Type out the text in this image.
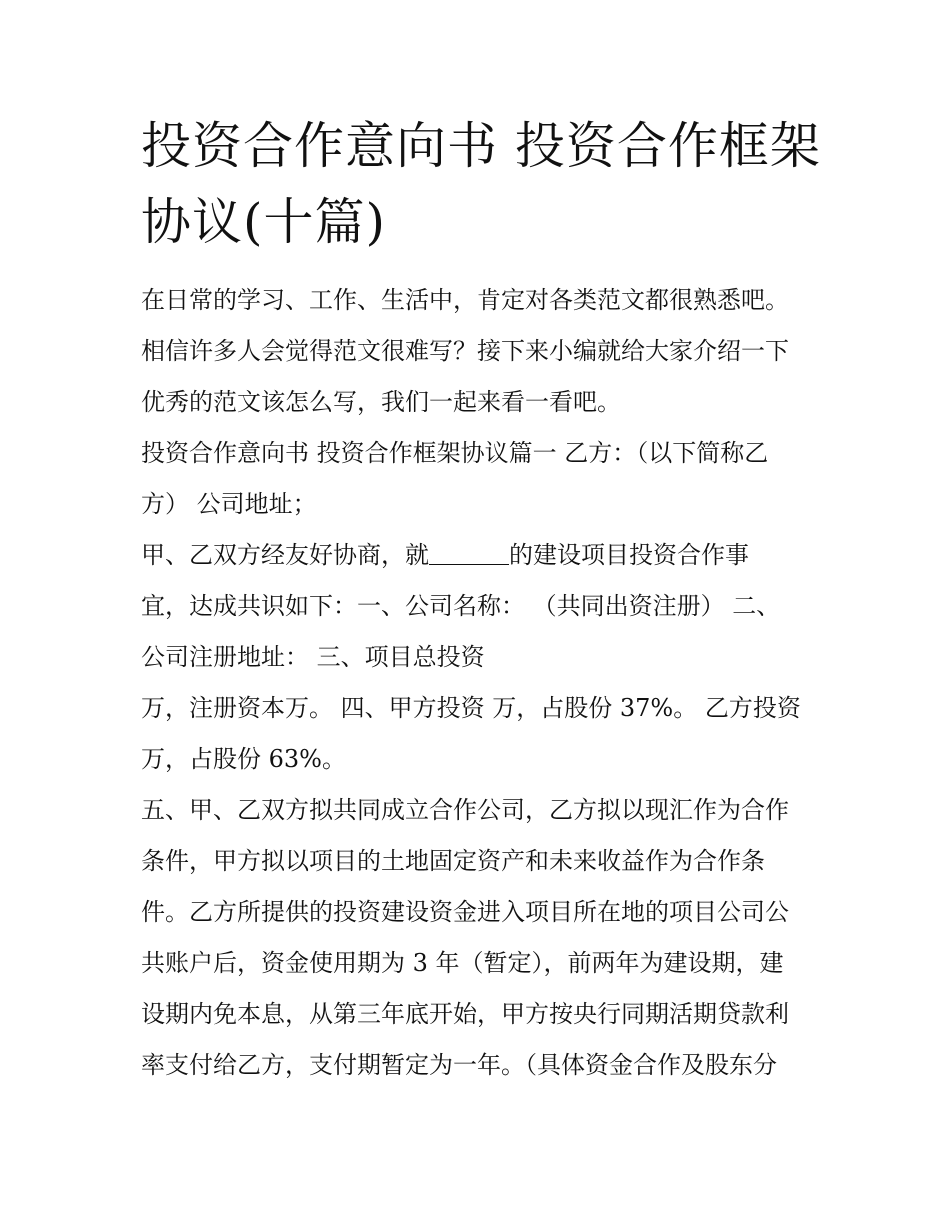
投资合作意向书 投资合作框架
协议(十篇)
在日常的学习、工作、生活中，肯定对各类范文都很熟悉吧。
相信许多人会觉得范文很难写？接下来小编就给大家介绍一下
优秀的范文该怎么写，我们一起来看一看吧。
投资合作意向书 投资合作框架协议篇一 乙方：（以下简称乙
方） 公司地址；
甲、乙双方经友好协商，就	的建设项目投资合作事
宜，达成共识如下：一、公司名称： （共同出资注册） 二、
公司注册地址： 三、项目总投资
万，注册资本万。 四、甲方投资 万，占股份 37%。 乙方投资
万，占股份 63%。
五、甲、乙双方拟共同成立合作公司，乙方拟以现汇作为合作
条件，甲方拟以项目的土地固定资产和未来收益作为合作条
件。乙方所提供的投资建设资金进入项目所在地的项目公司公
共账户后，资金使用期为 3 年（暂定），前两年为建设期，建
设期内免本息，从第三年底开始，甲方按央行同期活期贷款利
率支付给乙方，支付期暂定为一年。（具体资金合作及股东分
